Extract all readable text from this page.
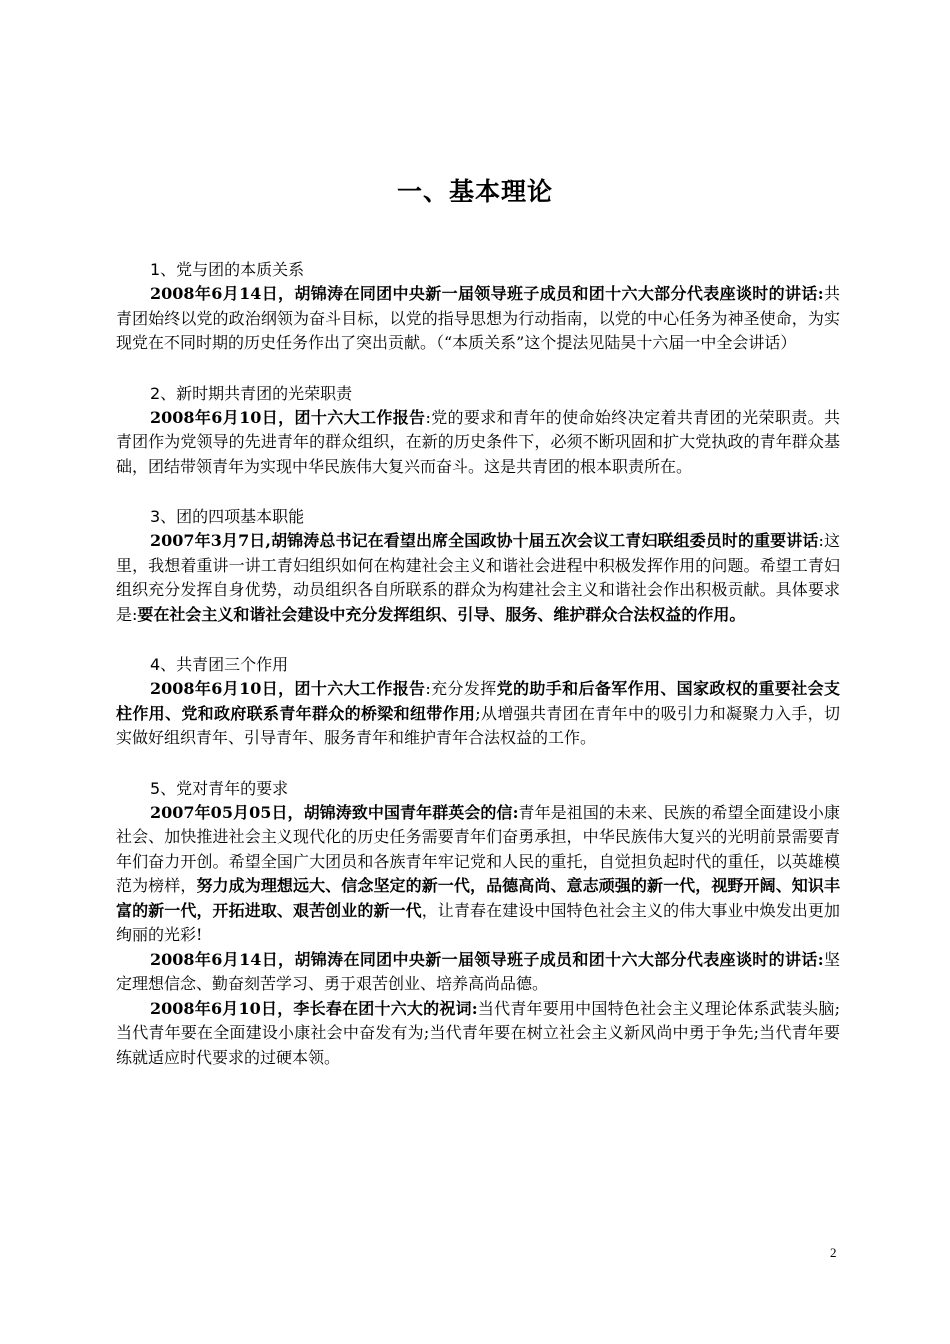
一、基本理论
1、党与团的本质关系

2008年6月14日，胡锦涛在同团中央新一届领导班子成员和团十六大部分代表座谈时的讲话:共青团始终以党的政治纲领为奋斗目标，以党的指导思想为行动指南，以党的中心任务为神圣使命，为实现党在不同时期的历史任务作出了突出贡献。（“本质关系”这个提法见陆昊十六届一中全会讲话）

2、新时期共青团的光荣职责

2008年6月10日，团十六大工作报告:党的要求和青年的使命始终决定着共青团的光荣职责。共青团作为党领导的先进青年的群众组织，在新的历史条件下，必须不断巩固和扩大党执政的青年群众基础，团结带领青年为实现中华民族伟大复兴而奋斗。这是共青团的根本职责所在。

3、团的四项基本职能

2007年3月7日,胡锦涛总书记在看望出席全国政协十届五次会议工青妇联组委员时的重要讲话:这里，我想着重讲一讲工青妇组织如何在构建社会主义和谐社会进程中积极发挥作用的问题。希望工青妇组织充分发挥自身优势，动员组织各自所联系的群众为构建社会主义和谐社会作出积极贡献。具体要求是:要在社会主义和谐社会建设中充分发挥组织、引导、服务、维护群众合法权益的作用。

4、共青团三个作用

2008年6月10日，团十六大工作报告:充分发挥党的助手和后备军作用、国家政权的重要社会支柱作用、党和政府联系青年群众的桥梁和纽带作用;从增强共青团在青年中的吸引力和凝聚力入手，切实做好组织青年、引导青年、服务青年和维护青年合法权益的工作。

5、党对青年的要求

2007年05月05日，胡锦涛致中国青年群英会的信:青年是祖国的未来、民族的希望全面建设小康社会、加快推进社会主义现代化的历史任务需要青年们奋勇承担，中华民族伟大复兴的光明前景需要青年们奋力开创。希望全国广大团员和各族青年牢记党和人民的重托，自觉担负起时代的重任，以英雄模范为榜样，努力成为理想远大、信念坚定的新一代，品德高尚、意志顽强的新一代，视野开阔、知识丰富的新一代，开拓进取、艰苦创业的新一代，让青春在建设中国特色社会主义的伟大事业中焕发出更加绚丽的光彩!

2008年6月14日，胡锦涛在同团中央新一届领导班子成员和团十六大部分代表座谈时的讲话:坚定理想信念、勤奋刻苦学习、勇于艰苦创业、培养高尚品德。

2008年6月10日，李长春在团十六大的祝词:当代青年要用中国特色社会主义理论体系武装头脑;当代青年要在全面建设小康社会中奋发有为;当代青年要在树立社会主义新风尚中勇于争先;当代青年要练就适应时代要求的过硬本领。

2
